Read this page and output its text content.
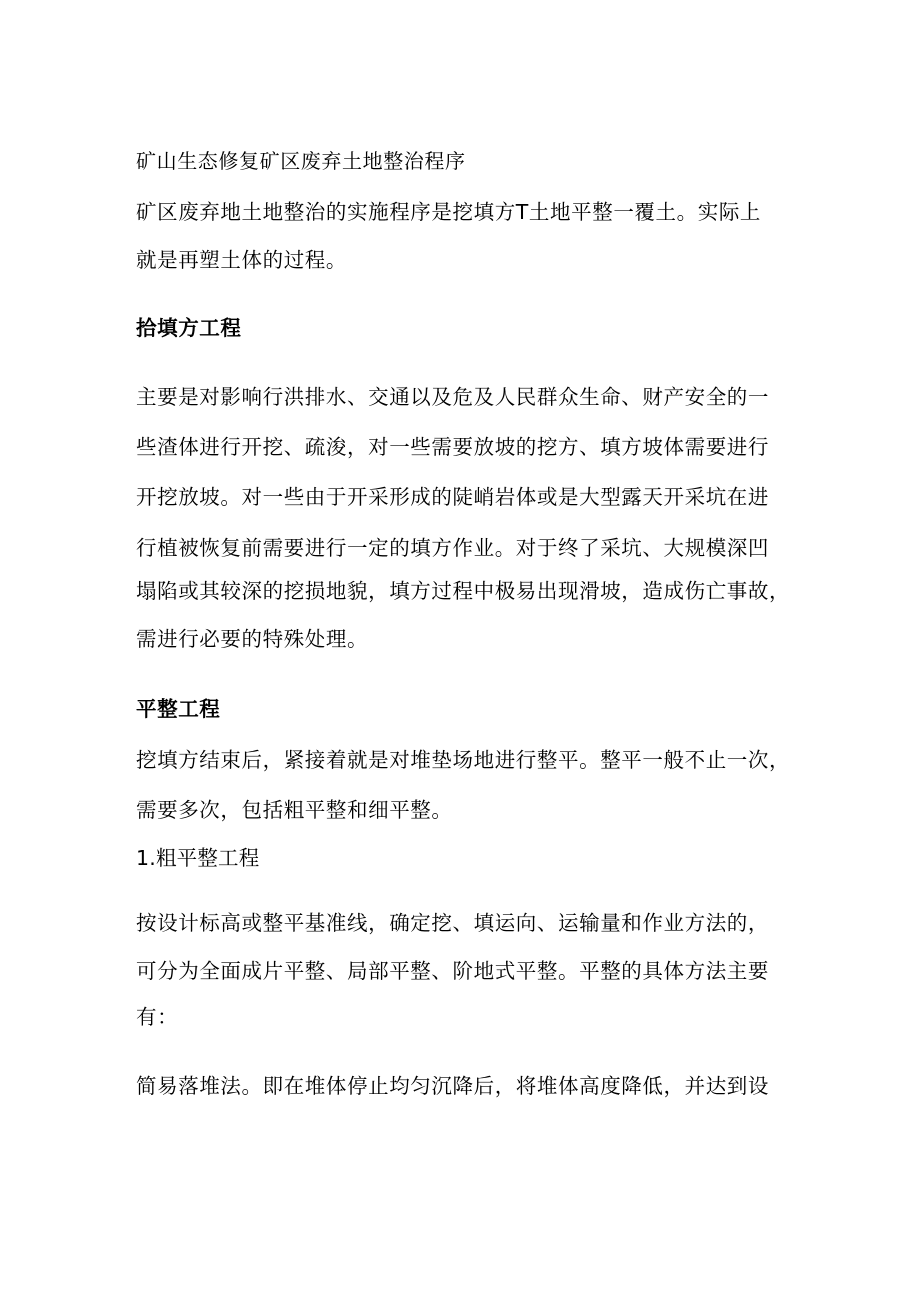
矿山生态修复矿区废弃土地整治程序
矿区废弃地土地整治的实施程序是挖填方T土地平整一覆土。实际上
就是再塑土体的过程。
拾填方工程
主要是对影响行洪排水、交通以及危及人民群众生命、财产安全的一
些渣体进行开挖、疏浚，对一些需要放坡的挖方、填方坡体需要进行
开挖放坡。对一些由于开采形成的陡峭岩体或是大型露天开采坑在进
行植被恢复前需要进行一定的填方作业。对于终了采坑、大规模深凹
塌陷或其较深的挖损地貌，填方过程中极易出现滑坡，造成伤亡事故，
需进行必要的特殊处理。
平整工程
挖填方结束后，紧接着就是对堆垫场地进行整平。整平一般不止一次，
需要多次，包括粗平整和细平整。
1.粗平整工程
按设计标高或整平基准线，确定挖、填运向、运输量和作业方法的，
可分为全面成片平整、局部平整、阶地式平整。平整的具体方法主要
有：
简易落堆法。即在堆体停止均匀沉降后，将堆体高度降低，并达到设
